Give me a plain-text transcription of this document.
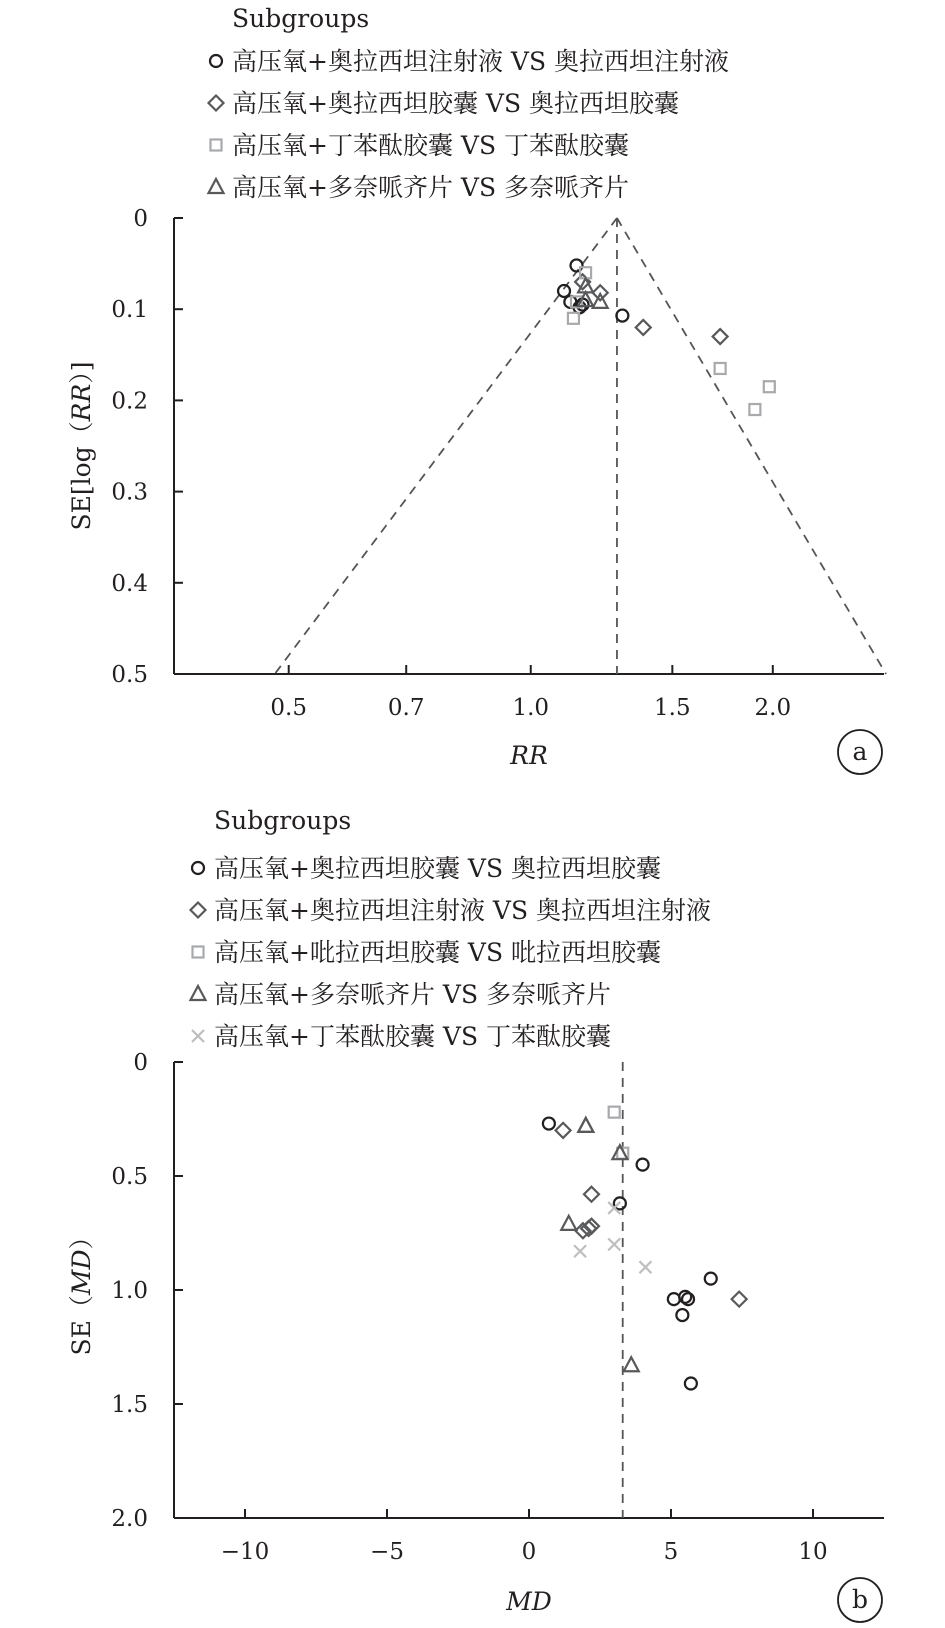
Subgroups
高压氧+奥拉西坦注射液 VS 奥拉西坦注射液
高压氧+奥拉西坦胶囊 VS 奥拉西坦胶囊
高压氧+丁苯酞胶囊 VS 丁苯酞胶囊
高压氧+多奈哌齐片 VS 多奈哌齐片
0
0.1
0.2
0.3
0.4
0.5
0.5	0.7	1.0	1.5	2.0
RR
SE[log（RR）]
a
Subgroups
高压氧+奥拉西坦胶囊 VS 奥拉西坦胶囊
高压氧+奥拉西坦注射液 VS 奥拉西坦注射液
高压氧+吡拉西坦胶囊 VS 吡拉西坦胶囊
高压氧+多奈哌齐片 VS 多奈哌齐片
高压氧+丁苯酞胶囊 VS 丁苯酞胶囊
0
0.5
1.0
1.5
2.0
−10	−5	0	5	10
MD
SE（MD）
b
